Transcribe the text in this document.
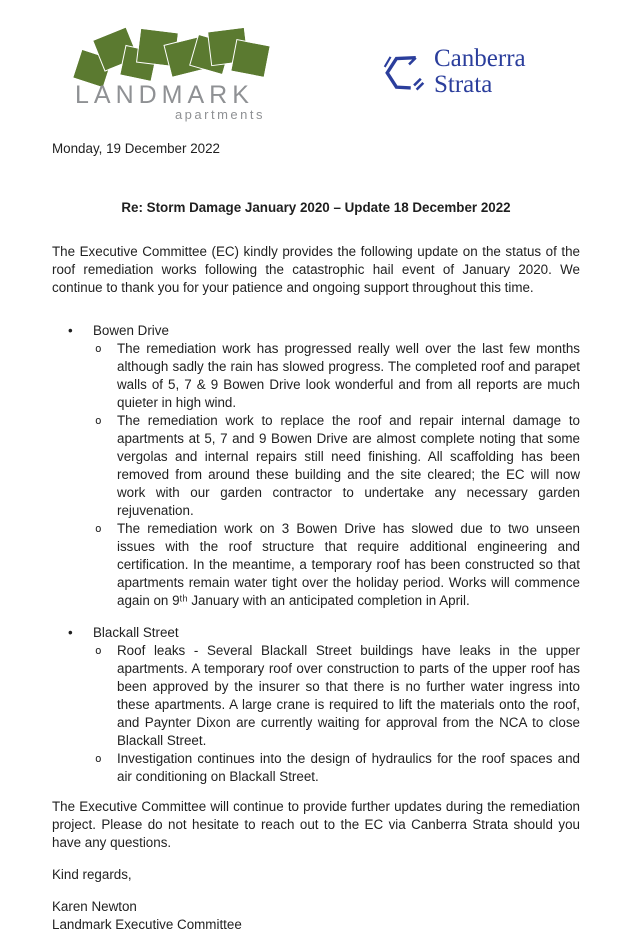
LANDMARK
apartments
Canberra
Strata

Monday, 19 December 2022

Re: Storm Damage January 2020 – Update 18 December 2022

The Executive Committee (EC) kindly provides the following update on the status of the roof remediation works following the catastrophic hail event of January 2020. We continue to thank you for your patience and ongoing support throughout this time.

• Bowen Drive

o The remediation work has progressed really well over the last few months although sadly the rain has slowed progress. The completed roof and parapet walls of 5, 7 & 9 Bowen Drive look wonderful and from all reports are much quieter in high wind.

o The remediation work to replace the roof and repair internal damage to apartments at 5, 7 and 9 Bowen Drive are almost complete noting that some vergolas and internal repairs still need finishing. All scaffolding has been removed from around these building and the site cleared; the EC will now work with our garden contractor to undertake any necessary garden rejuvenation.

o The remediation work on 3 Bowen Drive has slowed due to two unseen issues with the roof structure that require additional engineering and certification. In the meantime, a temporary roof has been constructed so that apartments remain water tight over the holiday period. Works will commence again on 9ᵗʰ January with an anticipated completion in April.

• Blackall Street

o Roof leaks - Several Blackall Street buildings have leaks in the upper apartments. A temporary roof over construction to parts of the upper roof has been approved by the insurer so that there is no further water ingress into these apartments. A large crane is required to lift the materials onto the roof, and Paynter Dixon are currently waiting for approval from the NCA to close Blackall Street.

o Investigation continues into the design of hydraulics for the roof spaces and air conditioning on Blackall Street.

The Executive Committee will continue to provide further updates during the remediation project. Please do not hesitate to reach out to the EC via Canberra Strata should you have any questions.

Kind regards,

Karen Newton

Landmark Executive Committee
